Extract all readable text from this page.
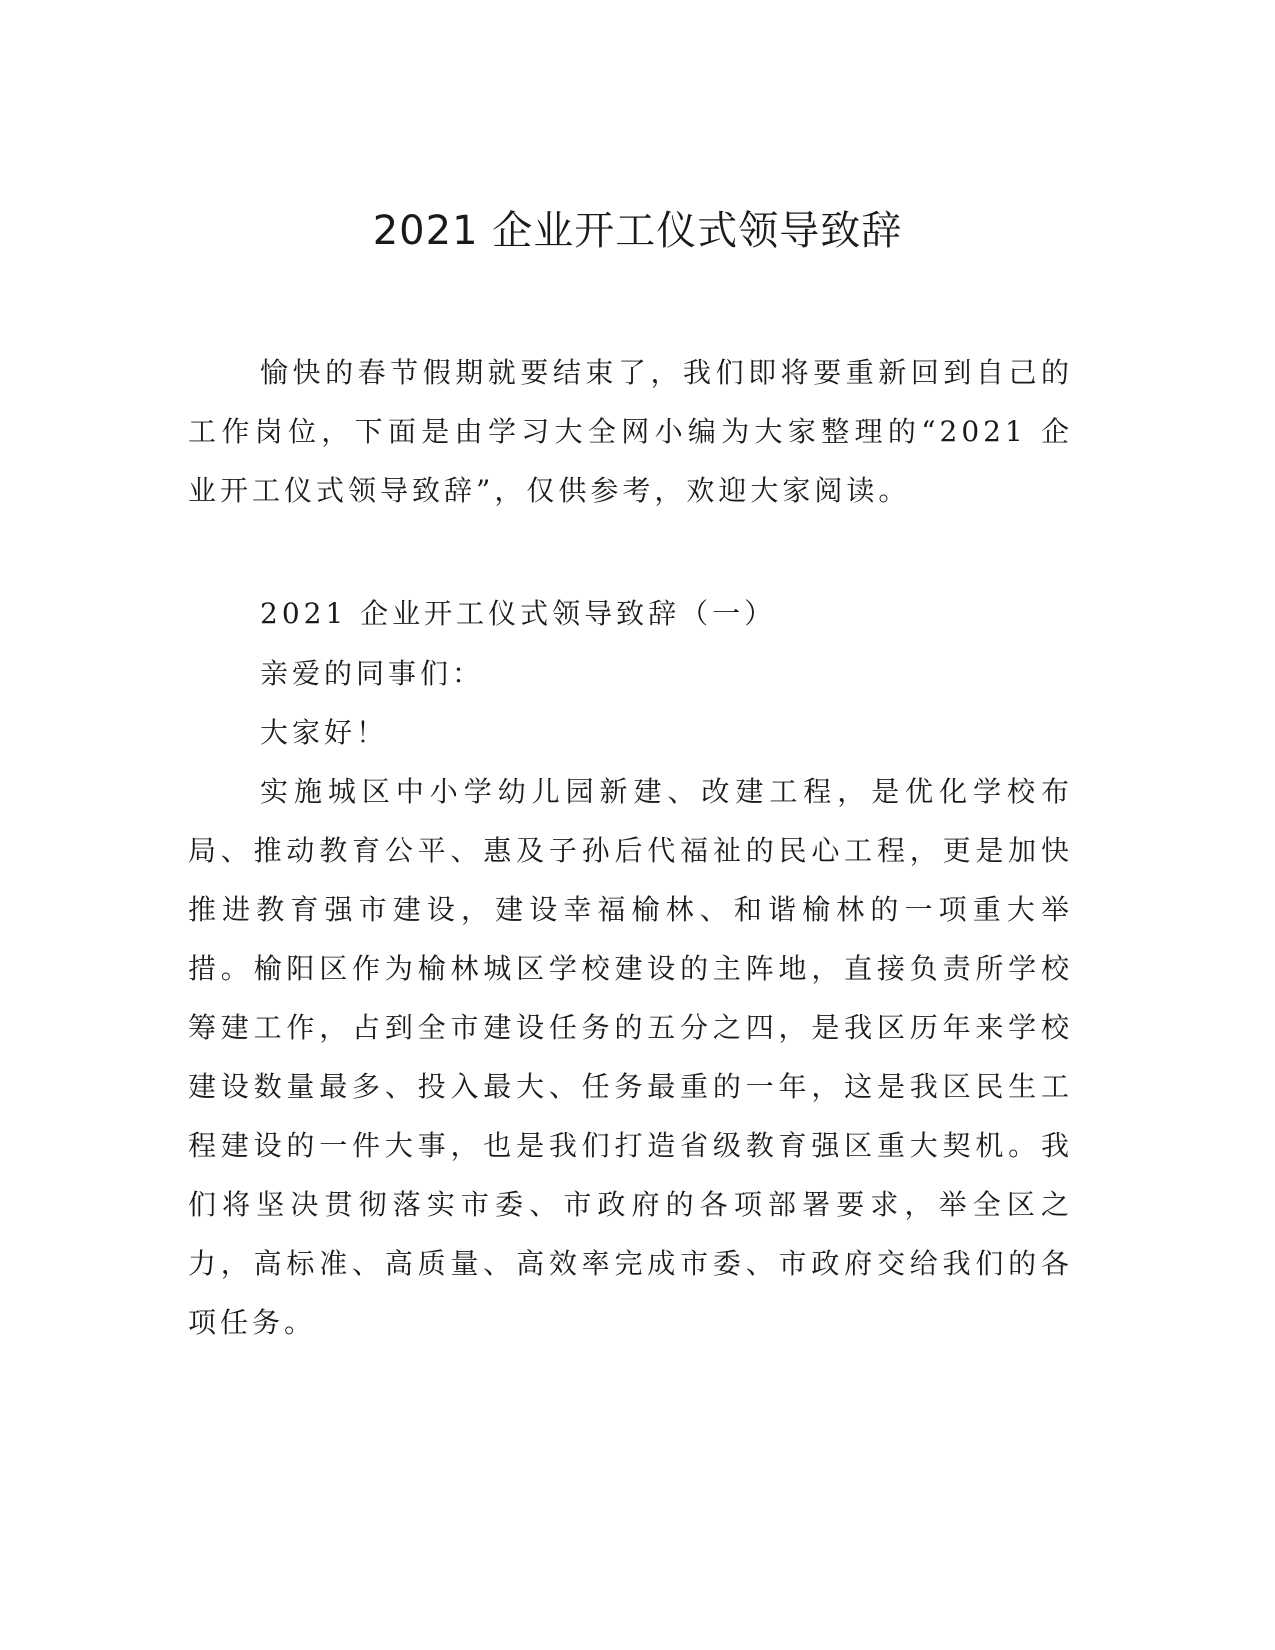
2021 企业开工仪式领导致辞

愉快的春节假期就要结束了，我们即将要重新回到自己的工作岗位，下面是由学习大全网小编为大家整理的“2021 企业开工仪式领导致辞”，仅供参考，欢迎大家阅读。

2021 企业开工仪式领导致辞（一）

亲爱的同事们：

大家好！

实施城区中小学幼儿园新建、改建工程，是优化学校布局、推动教育公平、惠及子孙后代福祉的民心工程，更是加快推进教育强市建设，建设幸福榆林、和谐榆林的一项重大举措。榆阳区作为榆林城区学校建设的主阵地，直接负责所学校筹建工作，占到全市建设任务的五分之四，是我区历年来学校建设数量最多、投入最大、任务最重的一年，这是我区民生工程建设的一件大事，也是我们打造省级教育强区重大契机。我们将坚决贯彻落实市委、市政府的各项部署要求，举全区之力，高标准、高质量、高效率完成市委、市政府交给我们的各项任务。
